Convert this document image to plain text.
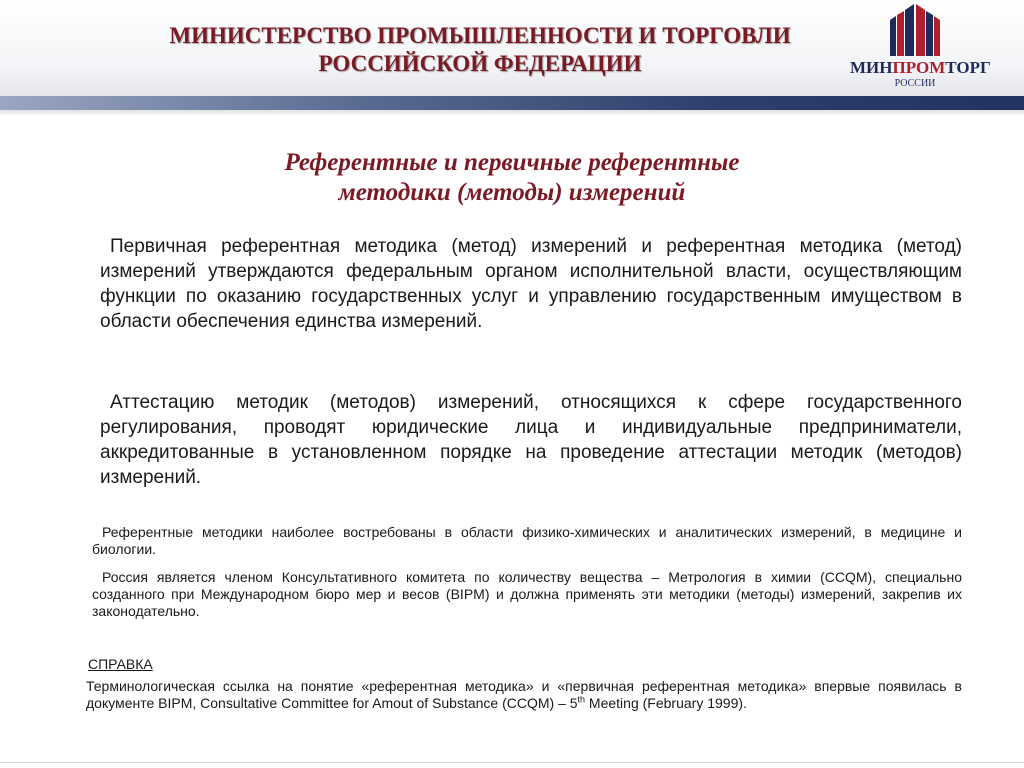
МИНИСТЕРСТВО ПРОМЫШЛЕННОСТИ И ТОРГОВЛИ
РОССИЙСКОЙ ФЕДЕРАЦИИ	МИНПРОМТОРГ
РОССИИ
Референтные и первичные референтные
методики (методы) измерений
Первичная референтная методика (метод) измерений и референтная методика (метод) измерений утверждаются федеральным органом исполнительной власти, осуществляющим функции по оказанию государственных услуг и управлению государственным имуществом в области обеспечения единства измерений.
Аттестацию методик (методов) измерений, относящихся к сфере государственного регулирования, проводят юридические лица и индивидуальные предприниматели, аккредитованные в установленном порядке на проведение аттестации методик (методов) измерений.
Референтные методики наиболее востребованы в области физико-химических и аналитических измерений, в медицине и биологии.
Россия является членом Консультативного комитета по количеству вещества – Метрология в химии (CCQM), специально созданного при Международном бюро мер и весов (BIPM) и должна применять эти методики (методы) измерений, закрепив их законодательно.
СПРАВКА
Терминологическая ссылка на понятие «референтная методика» и «первичная референтная методика» впервые появилась в документе BIPM, Consultative Committee for Amout of Substance (CCQM) – 5th Meeting (February 1999).
